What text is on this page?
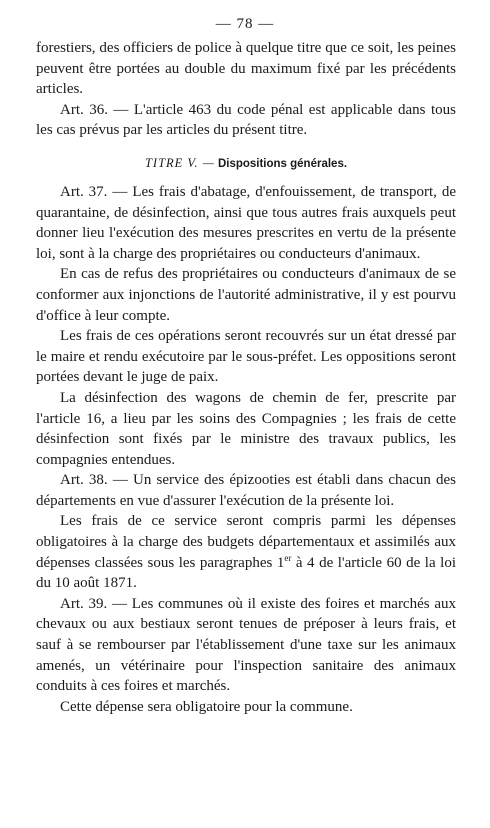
— 78 —

forestiers, des officiers de police à quelque titre que ce soit, les peines peuvent être portées au double du maximum fixé par les précédents articles.

Art. 36. — L'article 463 du code pénal est applicable dans tous les cas prévus par les articles du présent titre.

TITRE V. — Dispositions générales.

Art. 37. — Les frais d'abatage, d'enfouissement, de transport, de quarantaine, de désinfection, ainsi que tous autres frais auxquels peut donner lieu l'exécution des mesures prescrites en vertu de la présente loi, sont à la charge des propriétaires ou conducteurs d'animaux.

En cas de refus des propriétaires ou conducteurs d'animaux de se conformer aux injonctions de l'autorité administrative, il y est pourvu d'office à leur compte.

Les frais de ces opérations seront recouvrés sur un état dressé par le maire et rendu exécutoire par le sous-préfet. Les oppositions seront portées devant le juge de paix.

La désinfection des wagons de chemin de fer, prescrite par l'article 16, a lieu par les soins des Compagnies ; les frais de cette désinfection sont fixés par le ministre des travaux publics, les compagnies entendues.

Art. 38. — Un service des épizooties est établi dans chacun des départements en vue d'assurer l'exécution de la présente loi.

Les frais de ce service seront compris parmi les dépenses obligatoires à la charge des budgets départementaux et assimilés aux dépenses classées sous les paragraphes 1er à 4 de l'article 60 de la loi du 10 août 1871.

Art. 39. — Les communes où il existe des foires et marchés aux chevaux ou aux bestiaux seront tenues de préposer à leurs frais, et sauf à se rembourser par l'établissement d'une taxe sur les animaux amenés, un vétérinaire pour l'inspection sanitaire des animaux conduits à ces foires et marchés.

Cette dépense sera obligatoire pour la commune.
